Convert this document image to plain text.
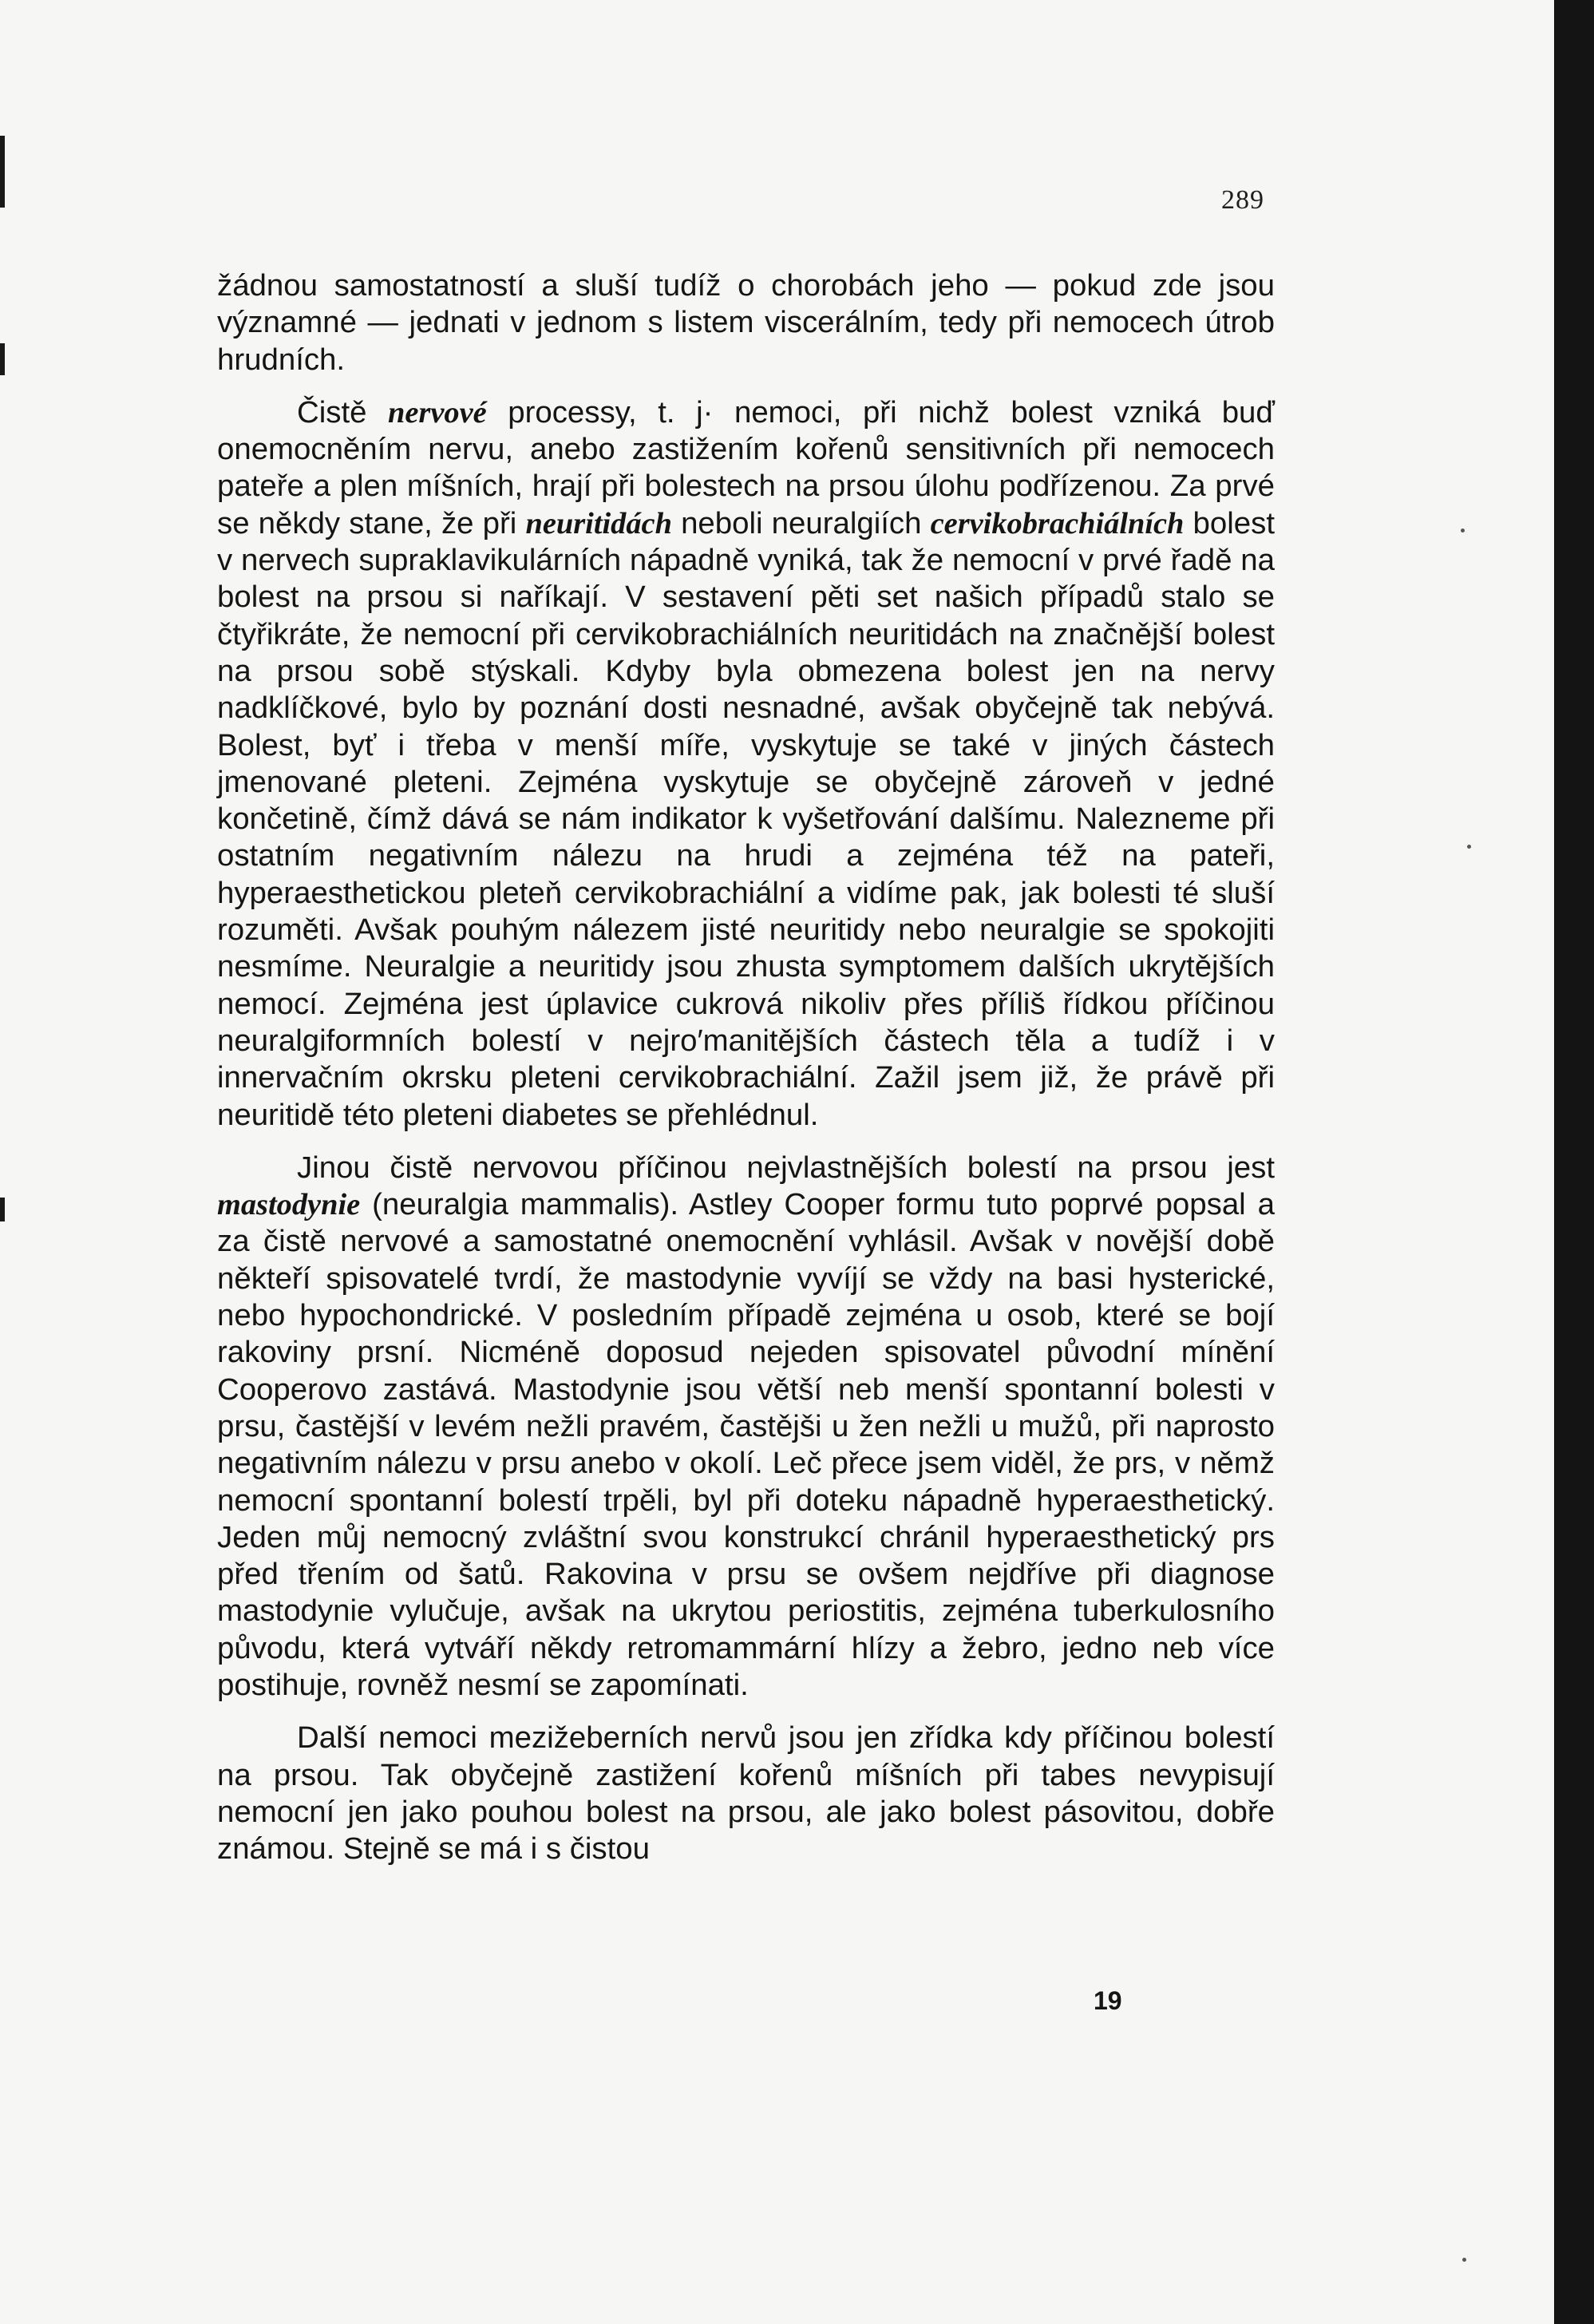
289

žádnou samostatností a sluší tudíž o chorobách jeho — pokud zde jsou významné — jednati v jednom s listem viscerálním, tedy při nemocech útrob hrudních.

Čistě nervové processy, t. j· nemoci, při nichž bolest vzniká buď onemocněním nervu, anebo zastižením kořenů sensitivních při nemocech pateře a plen míšních, hrají při bolestech na prsou úlohu podřízenou. Za prvé se někdy stane, že při neuritidách neboli neuralgiích cervikobrachiálních bolest v nervech supraklavikulárních nápadně vyniká, tak že nemocní v prvé řadě na bolest na prsou si naříkají. V sestavení pěti set našich případů stalo se čtyřikráte, že nemocní při cervikobrachiálních neuritidách na značnější bolest na prsou sobě stýskali. Kdyby byla obmezena bolest jen na nervy nadklíčkové, bylo by poznání dosti nesnadné, avšak obyčejně tak nebývá. Bolest, byť i třeba v menší míře, vyskytuje se také v jiných částech jmenované pleteni. Zejména vyskytuje se obyčejně zároveň v jedné končetině, čímž dává se nám indikator k vyšetřování dalšímu. Nalezneme při ostatním negativním nálezu na hrudi a zejména též na pateři, hyperaesthetickou pleteň cervikobrachiální a vidíme pak, jak bolesti té sluší rozuměti. Avšak pouhým nálezem jisté neuritidy nebo neuralgie se spokojiti nesmíme. Neuralgie a neuritidy jsou zhusta symptomem dalších ukrytějších nemocí. Zejména jest úplavice cukrová nikoliv přes příliš řídkou příčinou neuralgiformních bolestí v nejro′manitějších částech těla a tudíž i v innervačním okrsku pleteni cervikobrachiální. Zažil jsem již, že právě při neuritidě této pleteni diabetes se přehlédnul.

Jinou čistě nervovou příčinou nejvlastnějších bolestí na prsou jest mastodynie (neuralgia mammalis). Astley Cooper formu tuto poprvé popsal a za čistě nervové a samostatné onemocnění vyhlásil. Avšak v novější době někteří spisovatelé tvrdí, že mastodynie vyvíjí se vždy na basi hysterické, nebo hypochondrické. V posledním případě zejména u osob, které se bojí rakoviny prsní. Nicméně doposud nejeden spisovatel původní mínění Cooperovo zastává. Mastodynie jsou větší neb menší spontanní bolesti v prsu, častější v levém nežli pravém, častějši u žen nežli u mužů, při naprosto negativním nálezu v prsu anebo v okolí. Leč přece jsem viděl, že prs, v němž nemocní spontanní bolestí trpěli, byl při doteku nápadně hyperaesthetický. Jeden můj nemocný zvláštní svou konstrukcí chránil hyperaesthetický prs před třením od šatů. Rakovina v prsu se ovšem nejdříve při diagnose mastodynie vylučuje, avšak na ukrytou periostitis, zejména tuberkulosního původu, která vytváří někdy retromammární hlízy a žebro, jedno neb více postihuje, rovněž nesmí se zapomínati.

Další nemoci mezižeberních nervů jsou jen zřídka kdy příčinou bolestí na prsou. Tak obyčejně zastižení kořenů míšních při tabes nevypisují nemocní jen jako pouhou bolest na prsou, ale jako bolest pásovitou, dobře známou. Stejně se má i s čistou

19
